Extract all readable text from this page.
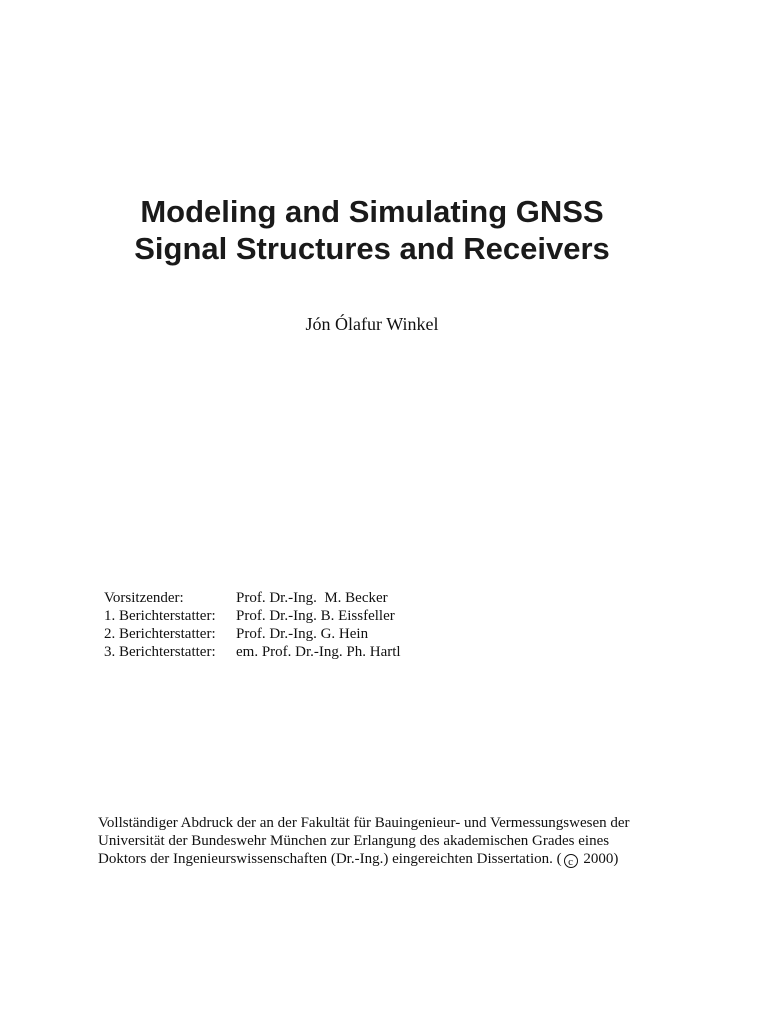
Modeling and Simulating GNSS
Signal Structures and Receivers
Jón Ólafur Winkel
Vorsitzender:	Prof. Dr.-Ing.  M. Becker
1. Berichterstatter:	Prof. Dr.-Ing. B. Eissfeller
2. Berichterstatter:	Prof. Dr.-Ing. G. Hein
3. Berichterstatter:	em. Prof. Dr.-Ing. Ph. Hartl
Vollständiger Abdruck der an der Fakultät für Bauingenieur- und Vermessungswesen der
Universität der Bundeswehr München zur Erlangung des akademischen Grades eines
Doktors der Ingenieurswissenschaften (Dr.-Ing.) eingereichten Dissertation. ( c 2000)
